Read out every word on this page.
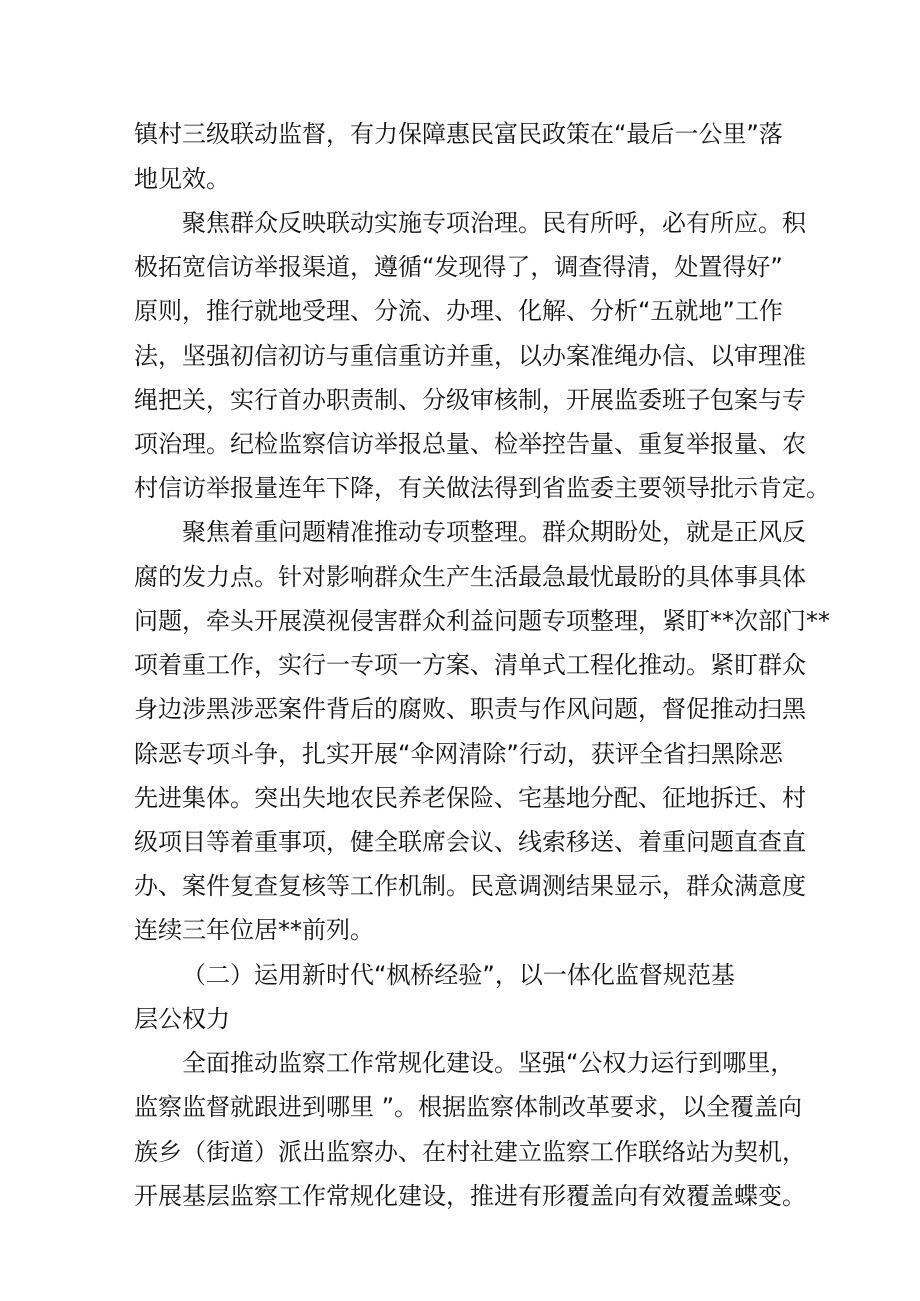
镇村三级联动监督，有力保障惠民富民政策在“最后一公里”落

地见效。

聚焦群众反映联动实施专项治理。民有所呼，必有所应。积

极拓宽信访举报渠道，遵循“发现得了，调查得清，处置得好”

原则，推行就地受理、分流、办理、化解、分析“五就地”工作

法，坚强初信初访与重信重访并重，以办案准绳办信、以审理准

绳把关，实行首办职责制、分级审核制，开展监委班子包案与专

项治理。纪检监察信访举报总量、检举控告量、重复举报量、农

村信访举报量连年下降，有关做法得到省监委主要领导批示肯定。

聚焦着重问题精准推动专项整理。群众期盼处，就是正风反

腐的发力点。针对影响群众生产生活最急最忧最盼的具体事具体

问题，牵头开展漠视侵害群众利益问题专项整理，紧盯**次部门**

项着重工作，实行一专项一方案、清单式工程化推动。紧盯群众

身边涉黑涉恶案件背后的腐败、职责与作风问题，督促推动扫黑

除恶专项斗争，扎实开展“伞网清除”行动，获评全省扫黑除恶

先进集体。突出失地农民养老保险、宅基地分配、征地拆迁、村

级项目等着重事项，健全联席会议、线索移送、着重问题直查直

办、案件复查复核等工作机制。民意调测结果显示，群众满意度

连续三年位居**前列。

（二）运用新时代“枫桥经验”，以一体化监督规范基

层公权力

全面推动监察工作常规化建设。坚强“公权力运行到哪里，

监察监督就跟进到哪里 ”。根据监察体制改革要求，以全覆盖向

族乡（街道）派出监察办、在村社建立监察工作联络站为契机，

开展基层监察工作常规化建设，推进有形覆盖向有效覆盖蝶变。
